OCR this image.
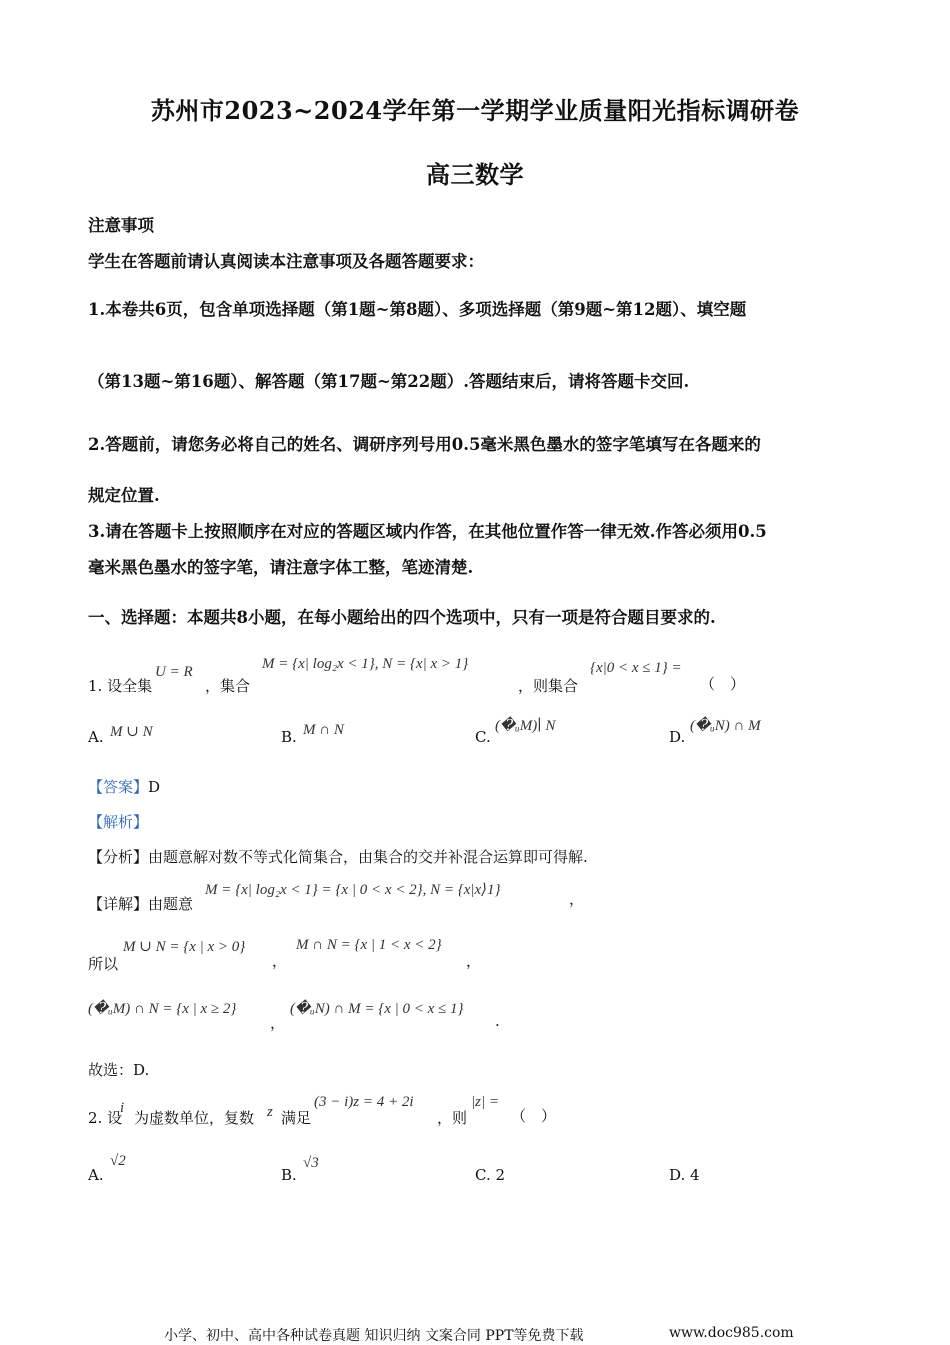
苏州市2023~2024学年第一学期学业质量阳光指标调研卷
高三数学
注意事项
学生在答题前请认真阅读本注意事项及各题答题要求：
1.本卷共6页，包含单项选择题（第1题~第8题）、多项选择题（第9题~第12题）、填空题
（第13题~第16题）、解答题（第17题~第22题）.答题结束后，请将答题卡交回.
2.答题前，请您务必将自己的姓名、调研序列号用0.5毫米黑色墨水的签字笔填写在各题来的
规定位置.
3.请在答题卡上按照顺序在对应的答题区域内作答，在其他位置作答一律无效.作答必须用0.5
毫米黑色墨水的签字笔，请注意字体工整，笔迹清楚.
一、选择题：本题共8小题，在每小题给出的四个选项中，只有一项是符合题目要求的.
1. 设全集
U = R
，集合
M = {x| log₂x < 1}, N = {x| x > 1}
，则集合
{x|0 < x ≤ 1} =
（　）
A. M ∪ N	B. M ∩ N	C.
(�ᵤM)∣ N
D.
(�ᵤN) ∩ M
【答案】D
【解析】
【分析】由题意解对数不等式化简集合，由集合的交并补混合运算即可得解.
【详解】由题意
M = {x| log₂x < 1} = {x | 0 < x < 2}, N = {x|x⟩1}	，
所以
M ∪ N = {x | x > 0}
，
M ∩ N = {x | 1 < x < 2}
，
(�ᵤM) ∩ N = {x | x ≥ 2}
，
(�ᵤN) ∩ M = {x | 0 < x ≤ 1}
.
故选：D.
2. 设
i
为虚数单位，复数 z 满足
(3 − i)z = 4 + 2i
，则
|z| =
（　）
A.
√2
B.
√3
C. 2	D. 4
小学、初中、高中各种试卷真题 知识归纳 文案合同 PPT等免费下载	www.doc985.com
